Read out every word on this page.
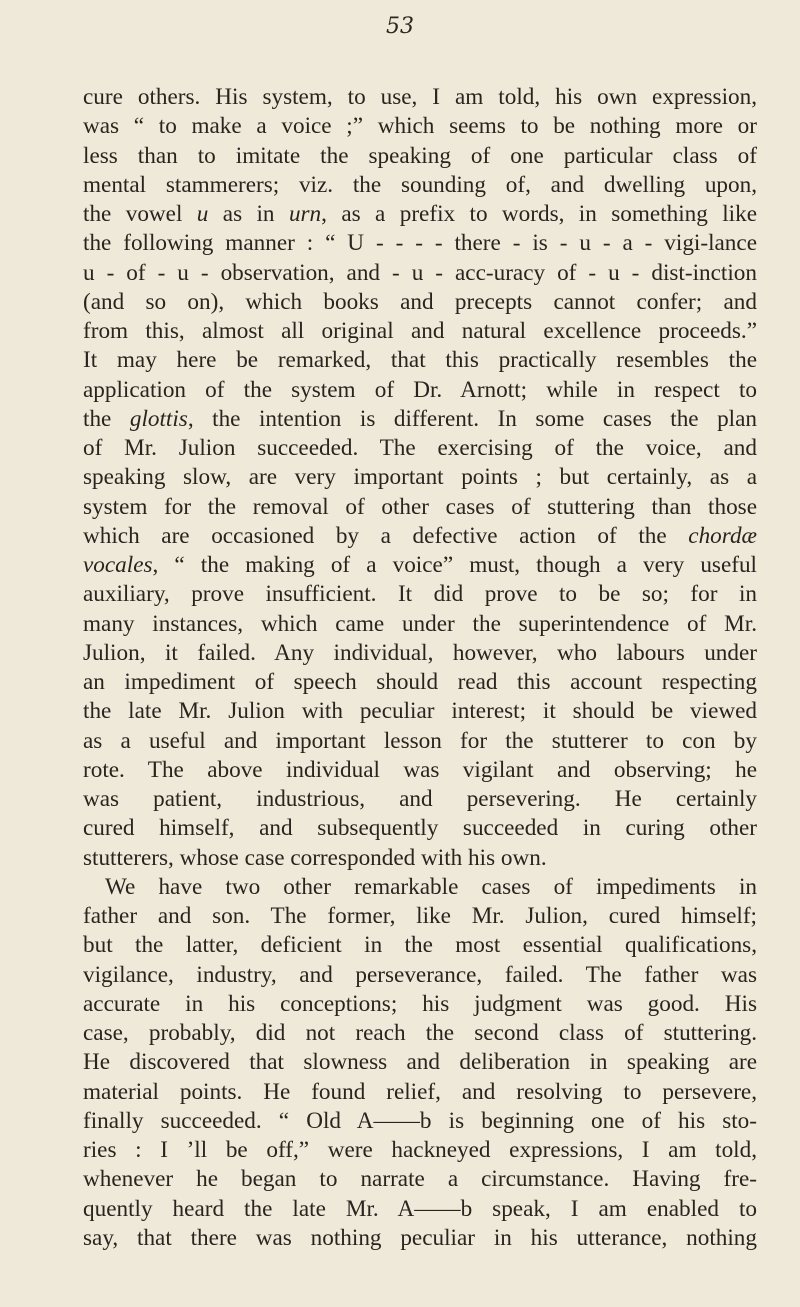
53
cure others. His system, to use, I am told, his own expression,
was “ to make a voice ;” which seems to be nothing more or
less than to imitate the speaking of one particular class of
mental stammerers; viz. the sounding of, and dwelling upon,
the vowel u as in urn, as a prefix to words, in something like
the following manner : “ U - - - - there - is - u - a - vigi-lance
u - of - u - observation, and - u - acc-uracy of - u - dist-inction
(and so on), which books and precepts cannot confer; and
from this, almost all original and natural excellence proceeds.”
It may here be remarked, that this practically resembles the
application of the system of Dr. Arnott; while in respect to
the glottis, the intention is different. In some cases the plan
of Mr. Julion succeeded. The exercising of the voice, and
speaking slow, are very important points ; but certainly, as a
system for the removal of other cases of stuttering than those
which are occasioned by a defective action of the chordæ
vocales, “ the making of a voice” must, though a very useful
auxiliary, prove insufficient. It did prove to be so; for in
many instances, which came under the superintendence of Mr.
Julion, it failed. Any individual, however, who labours under
an impediment of speech should read this account respecting
the late Mr. Julion with peculiar interest; it should be viewed
as a useful and important lesson for the stutterer to con by
rote. The above individual was vigilant and observing; he
was patient, industrious, and persevering. He certainly
cured himself, and subsequently succeeded in curing other
stutterers, whose case corresponded with his own.
We have two other remarkable cases of impediments in
father and son. The former, like Mr. Julion, cured himself;
but the latter, deficient in the most essential qualifications,
vigilance, industry, and perseverance, failed. The father was
accurate in his conceptions; his judgment was good. His
case, probably, did not reach the second class of stuttering.
He discovered that slowness and deliberation in speaking are
material points. He found relief, and resolving to persevere,
finally succeeded. “ Old A——b is beginning one of his sto-
ries : I ’ll be off,” were hackneyed expressions, I am told,
whenever he began to narrate a circumstance. Having fre-
quently heard the late Mr. A——b speak, I am enabled to
say, that there was nothing peculiar in his utterance, nothing
